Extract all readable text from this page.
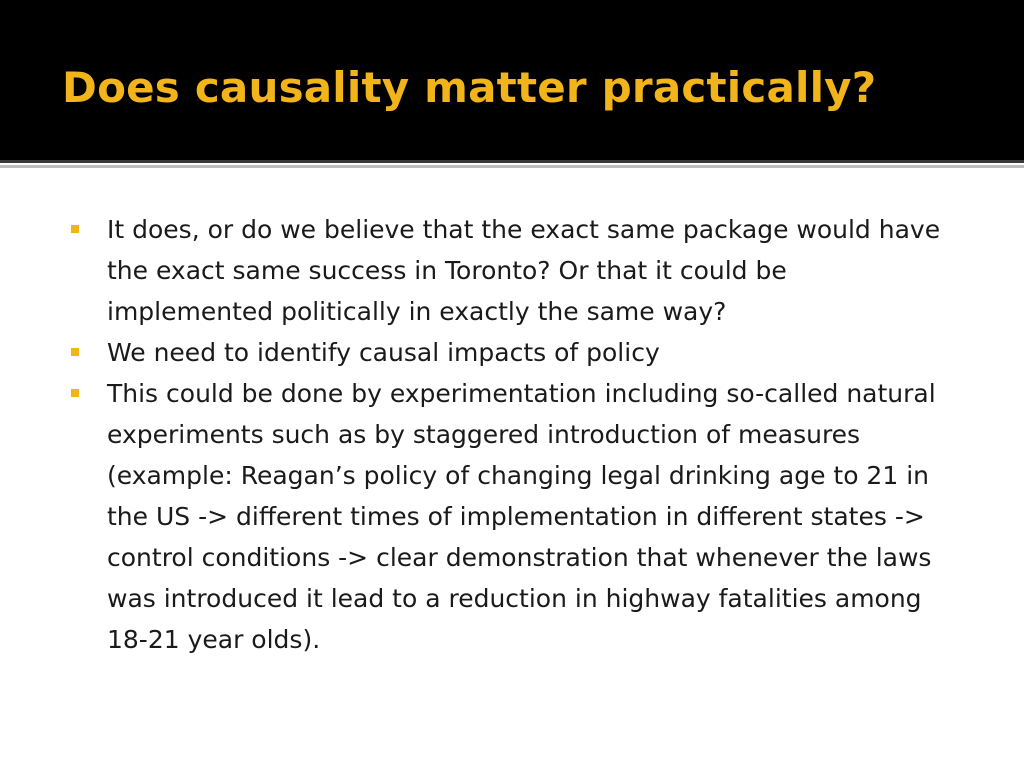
Does causality matter practically?
It does, or do we believe that the exact same package would have the exact same success in Toronto? Or that it could be implemented politically in exactly the same way?
We need to identify causal impacts of policy
This could be done by experimentation including so-called natural experiments such as by staggered introduction of measures (example: Reagan’s policy of changing legal drinking age to 21 in the US -> different times of implementation in different states -> control conditions -> clear demonstration that whenever the laws was introduced it lead to a reduction in highway fatalities among 18-21 year olds).
